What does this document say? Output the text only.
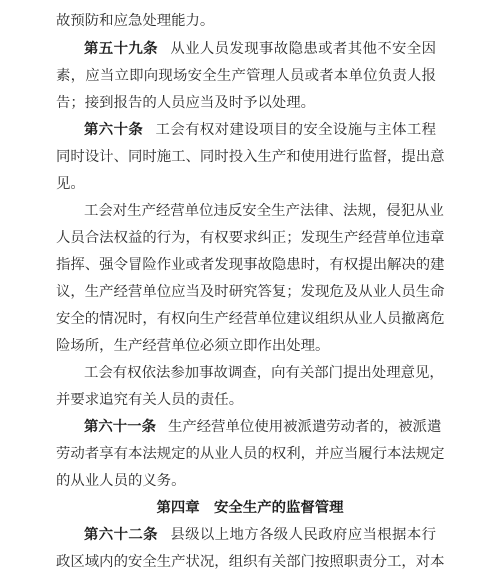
故预防和应急处理能力。
第五十九条 从业人员发现事故隐患或者其他不安全因
素，应当立即向现场安全生产管理人员或者本单位负责人报
告；接到报告的人员应当及时予以处理。
第六十条 工会有权对建设项目的安全设施与主体工程
同时设计、同时施工、同时投入生产和使用进行监督，提出意
见。
工会对生产经营单位违反安全生产法律、法规，侵犯从业
人员合法权益的行为，有权要求纠正；发现生产经营单位违章
指挥、强令冒险作业或者发现事故隐患时，有权提出解决的建
议，生产经营单位应当及时研究答复；发现危及从业人员生命
安全的情况时，有权向生产经营单位建议组织从业人员撤离危
险场所，生产经营单位必须立即作出处理。
工会有权依法参加事故调查，向有关部门提出处理意见，
并要求追究有关人员的责任。
第六十一条 生产经营单位使用被派遣劳动者的，被派遣
劳动者享有本法规定的从业人员的权利，并应当履行本法规定
的从业人员的义务。
第四章　安全生产的监督管理
第六十二条 县级以上地方各级人民政府应当根据本行
政区域内的安全生产状况，组织有关部门按照职责分工，对本
